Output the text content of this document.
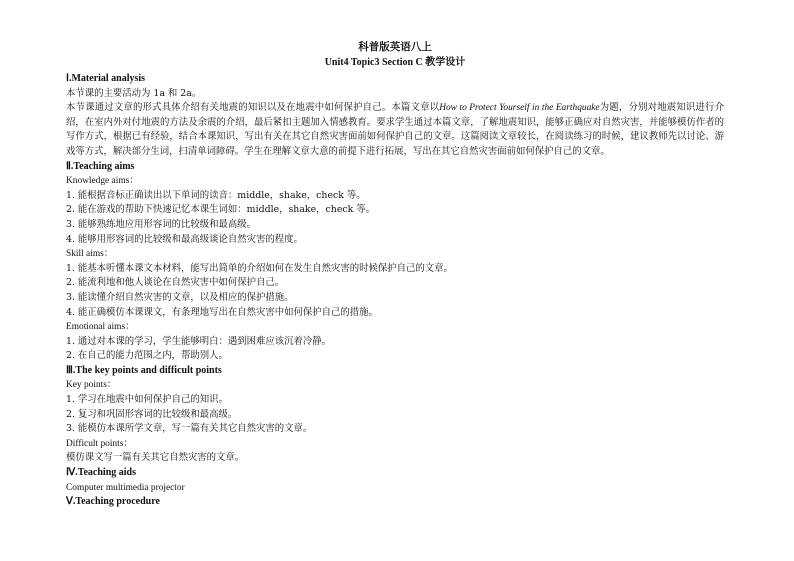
科普版英语八上
Unit4 Topic3 Section C 教学设计
Ⅰ.Material analysis
本节课的主要活动为 1a 和 2a。
本节课通过文章的形式具体介绍有关地震的知识以及在地震中如何保护自己。本篇文章以How to Protect Yourself in the Earthquake为题，分别对地震知识进行介绍，在室内外对付地震的方法及余震的介绍，最后紧扣主题加入情感教育。要求学生通过本篇文章，了解地震知识，能够正确应对自然灾害，并能够模仿作者的写作方式，根据已有经验，结合本课知识，写出有关在其它自然灾害面前如何保护自己的文章。这篇阅读文章较长，在阅读练习的时候，建议教师先以讨论、游戏等方式，解决部分生词，扫清单词障碍。学生在理解文章大意的前提下进行拓展，写出在其它自然灾害面前如何保护自己的文章。
Ⅱ.Teaching aims
Knowledge aims：
1. 能根据音标正确读出以下单词的读音：middle，shake，check 等。
2. 能在游戏的帮助下快速记忆本课生词如：middle，shake，check 等。
3. 能够熟练地应用形容词的比较级和最高级。
4. 能够用形容词的比较级和最高级谈论自然灾害的程度。
Skill aims：
1. 能基本听懂本课文本材料，能写出简单的介绍如何在发生自然灾害的时候保护自己的文章。
2. 能流利地和他人谈论在自然灾害中如何保护自己。
3. 能读懂介绍自然灾害的文章，以及相应的保护措施。
4. 能正确模仿本课课文，有条理地写出在自然灾害中如何保护自己的措施。
Emotional aims：
1. 通过对本课的学习，学生能够明白：遇到困难应该沉着冷静。
2. 在自己的能力范围之内，帮助别人。
Ⅲ.The key points and difficult points
Key points：
1. 学习在地震中如何保护自己的知识。
2. 复习和巩固形容词的比较级和最高级。
3. 能模仿本课所学文章，写一篇有关其它自然灾害的文章。
Difficult points：
模仿课文写一篇有关其它自然灾害的文章。
Ⅳ.Teaching aids
Computer multimedia projector
Ⅴ.Teaching procedure
